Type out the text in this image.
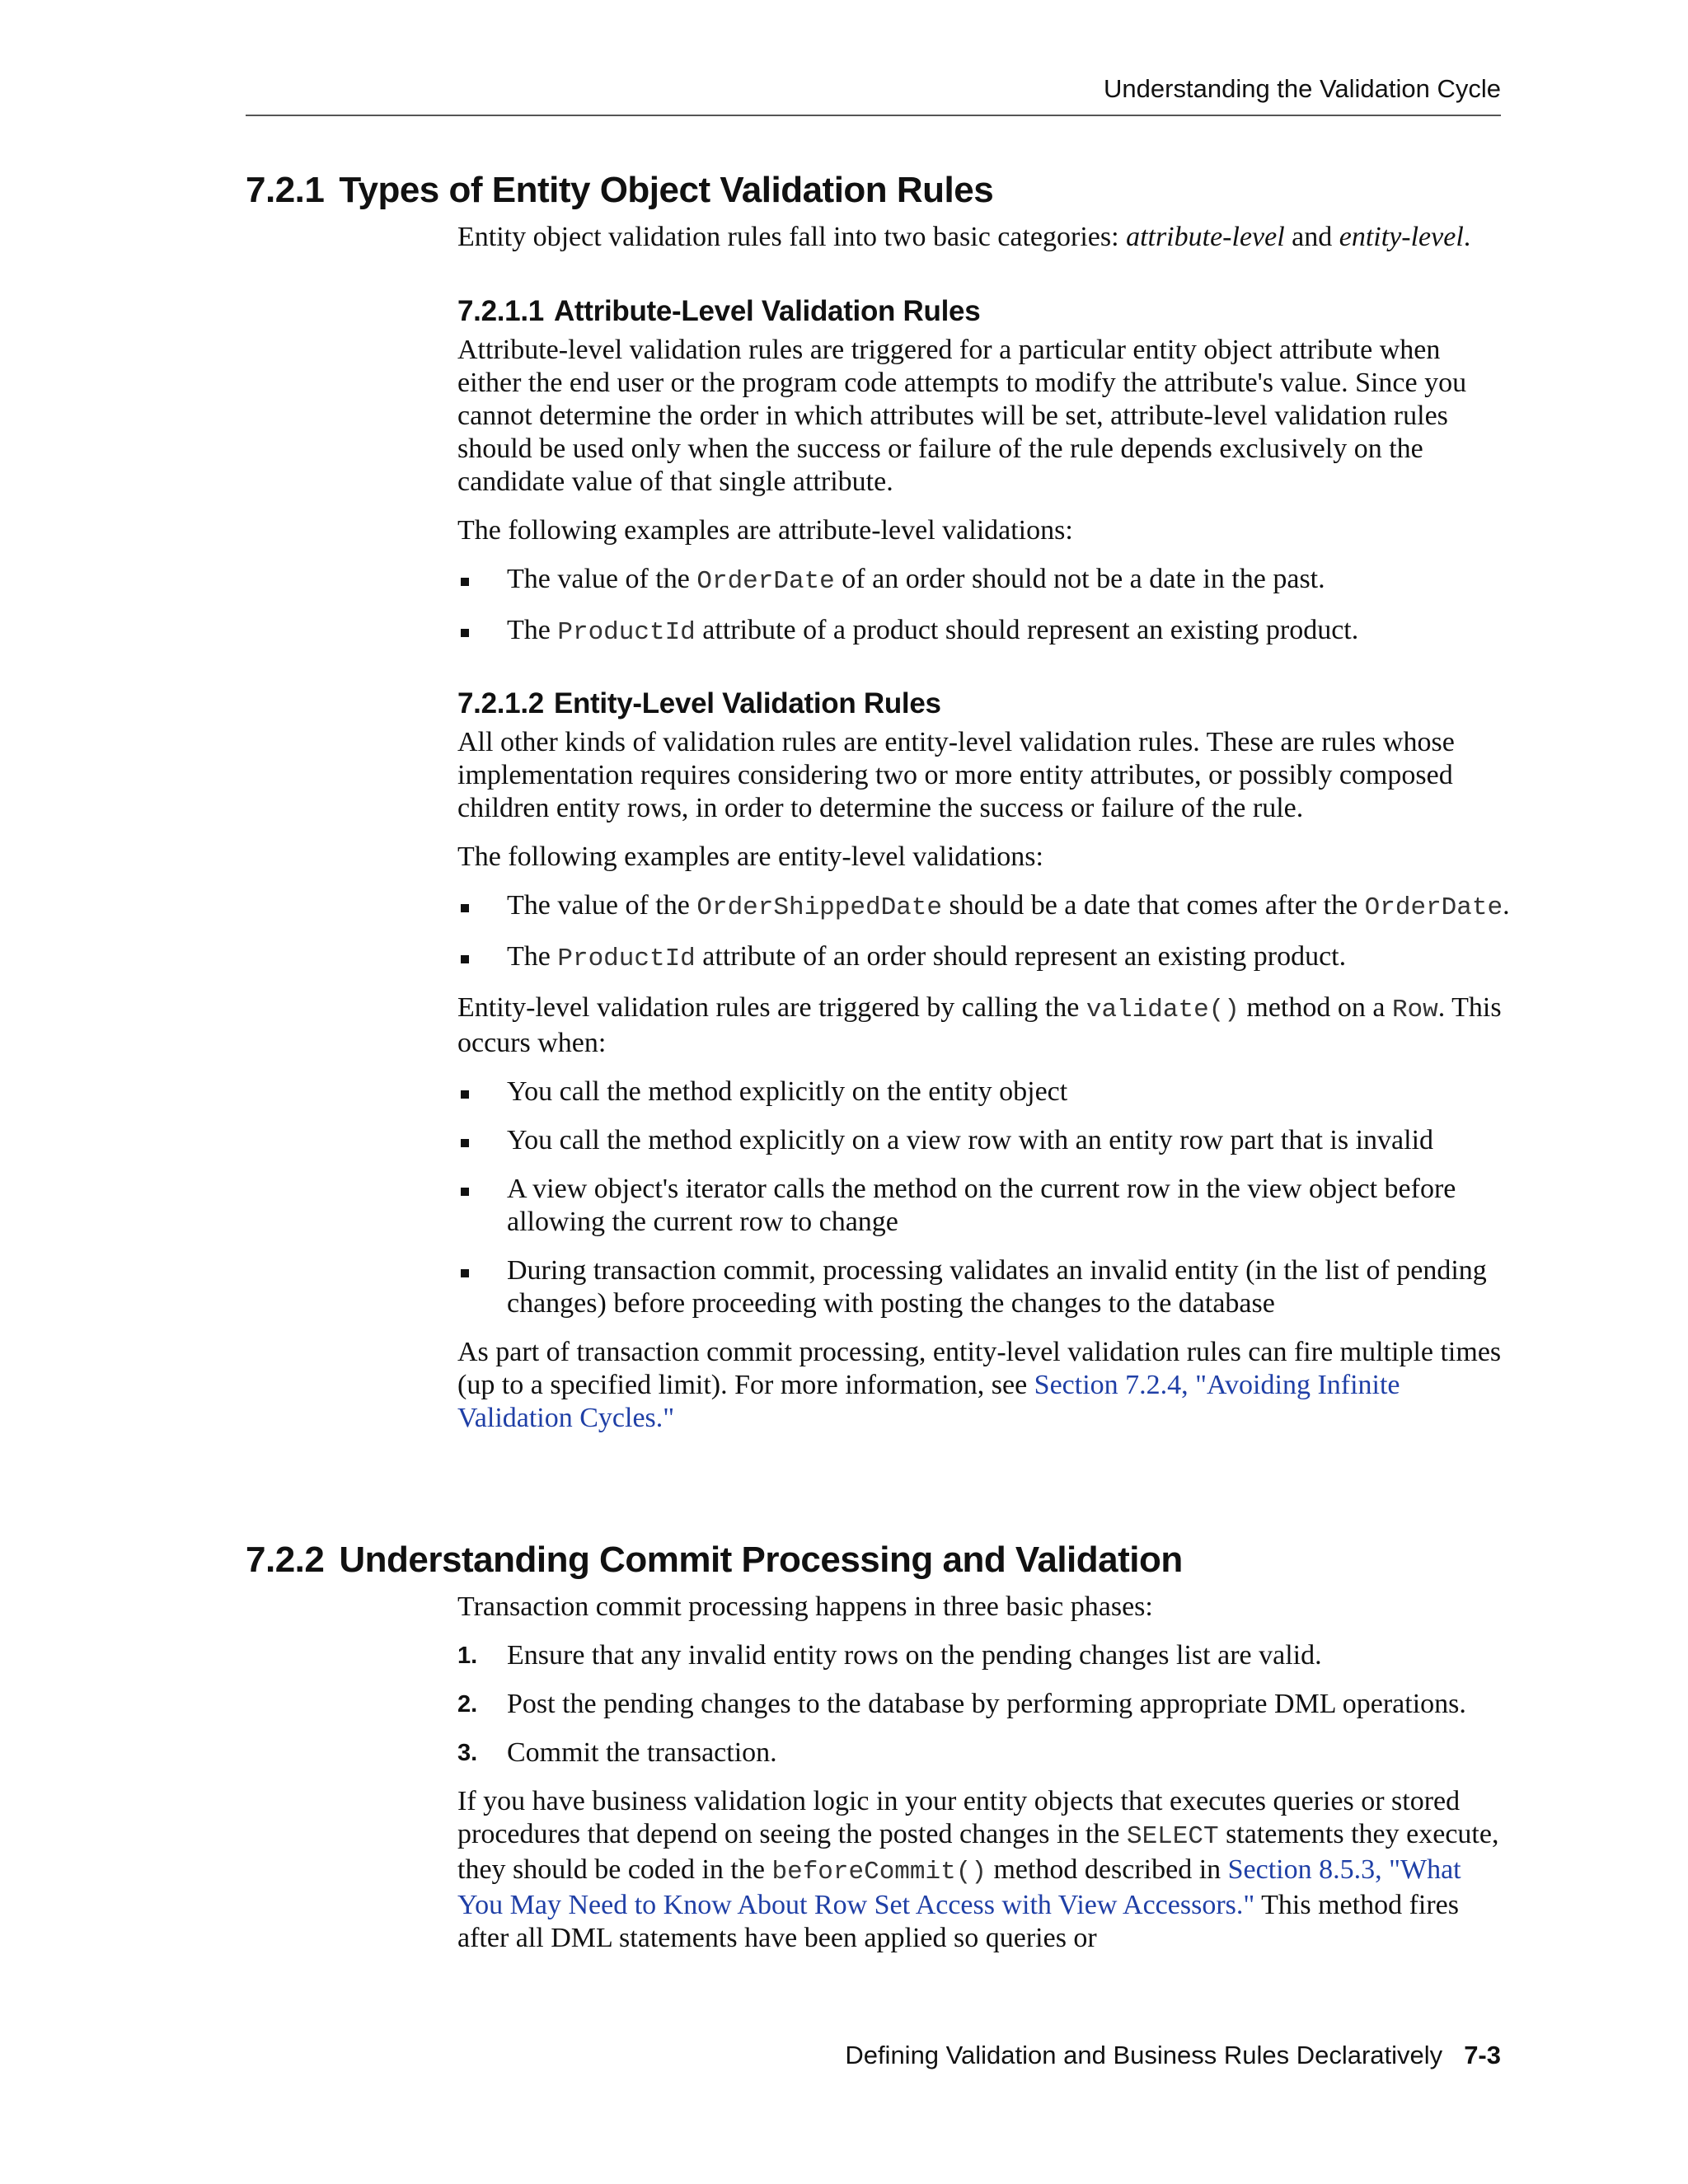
Understanding the Validation Cycle
7.2.1 Types of Entity Object Validation Rules

Entity object validation rules fall into two basic categories: attribute-level and entity-level.

7.2.1.1 Attribute-Level Validation Rules

Attribute-level validation rules are triggered for a particular entity object attribute when either the end user or the program code attempts to modify the attribute's value. Since you cannot determine the order in which attributes will be set, attribute-level validation rules should be used only when the success or failure of the rule depends exclusively on the candidate value of that single attribute.

The following examples are attribute-level validations:

The value of the OrderDate of an order should not be a date in the past.
The ProductId attribute of a product should represent an existing product.
7.2.1.2 Entity-Level Validation Rules

All other kinds of validation rules are entity-level validation rules. These are rules whose implementation requires considering two or more entity attributes, or possibly composed children entity rows, in order to determine the success or failure of the rule.

The following examples are entity-level validations:

The value of the OrderShippedDate should be a date that comes after the OrderDate.
The ProductId attribute of an order should represent an existing product.

Entity-level validation rules are triggered by calling the validate() method on a Row. This occurs when:

You call the method explicitly on the entity object
You call the method explicitly on a view row with an entity row part that is invalid
A view object's iterator calls the method on the current row in the view object before allowing the current row to change
During transaction commit, processing validates an invalid entity (in the list of pending changes) before proceeding with posting the changes to the database

As part of transaction commit processing, entity-level validation rules can fire multiple times (up to a specified limit). For more information, see Section 7.2.4, "Avoiding Infinite Validation Cycles."

7.2.2 Understanding Commit Processing and Validation

Transaction commit processing happens in three basic phases:

1. Ensure that any invalid entity rows on the pending changes list are valid.
2. Post the pending changes to the database by performing appropriate DML operations.
3. Commit the transaction.

If you have business validation logic in your entity objects that executes queries or stored procedures that depend on seeing the posted changes in the SELECT statements they execute, they should be coded in the beforeCommit() method described in Section 8.5.3, "What You May Need to Know About Row Set Access with View Accessors." This method fires after all DML statements have been applied so queries or

Defining Validation and Business Rules Declaratively 7-3
